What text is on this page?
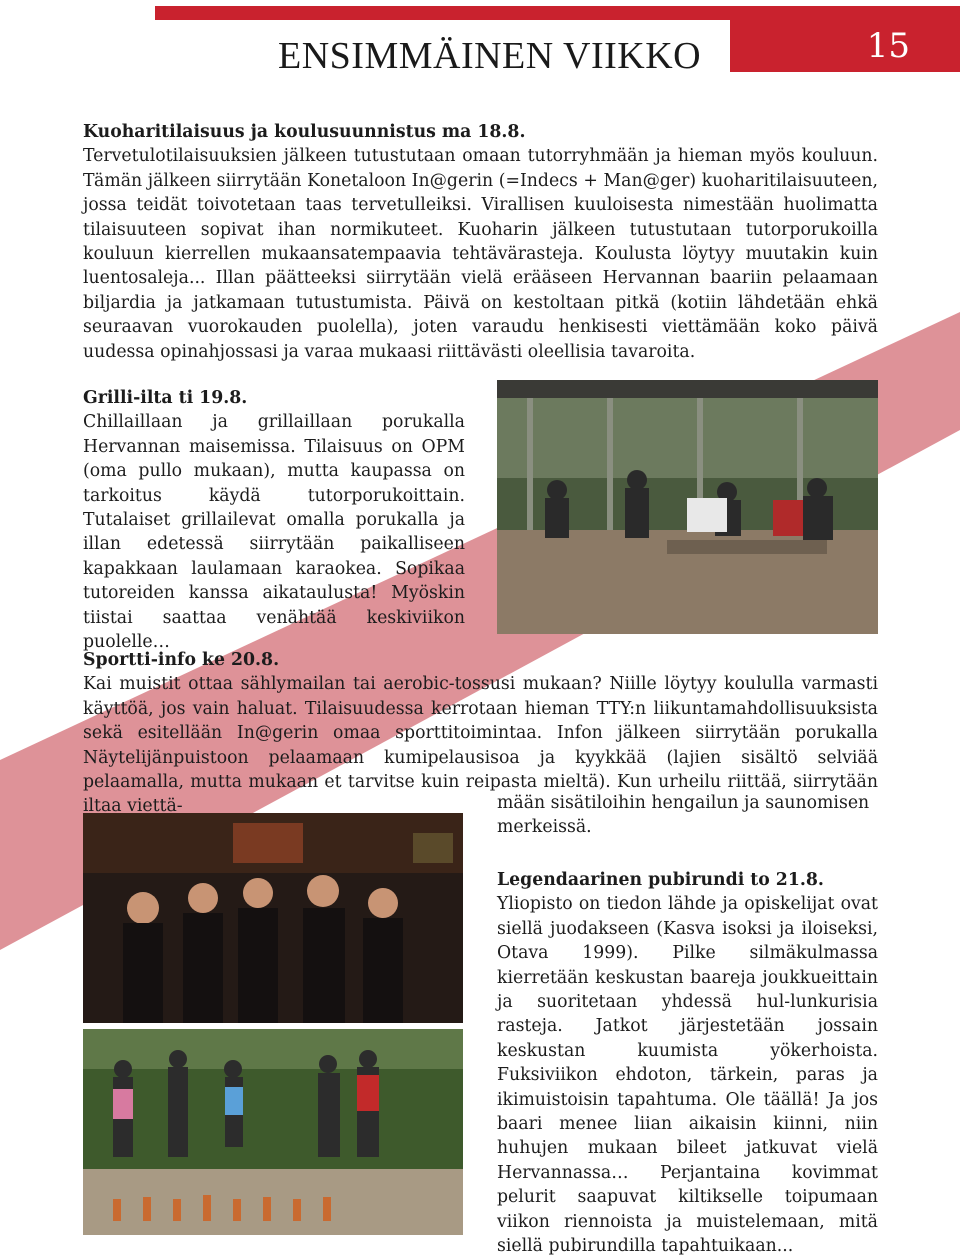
15
ENSIMMÄINEN VIIKKO
Kuoharitilaisuus ja koulusuunnistus ma 18.8.
Tervetulotilaisuuksien jälkeen tutustutaan omaan tutorryhmään ja hieman myös kouluun. Tämän jälkeen siirrytään Konetaloon In@gerin (=Indecs + Man@ger) kuoharitilaisuuteen, jossa teidät toivotetaan taas tervetulleiksi. Virallisen kuuloisesta nimestään huolimatta tilaisuuteen sopivat ihan normikuteet. Kuoharin jälkeen tutustutaan tutorporukoilla kouluun kierrellen mukaansatempaavia tehtävärasteja. Koulusta löytyy muutakin kuin luentosaleja... Illan päätteeksi siirrytään vielä erääseen Hervannan baariin pelaamaan biljardia ja jatkamaan tutustumista. Päivä on kestoltaan pitkä (kotiin lähdetään ehkä seuraavan vuorokauden puolella), joten varaudu henkisesti viettämään koko päivä uudessa opinahjossasi ja varaa mukaasi riittävästi oleellisia tavaroita.
Grilli-ilta ti 19.8.
Chillaillaan ja grillaillaan porukalla Hervannan maisemissa. Tilaisuus on OPM (oma pullo mukaan), mutta kaupassa on tarkoitus käydä tutorporukoittain. Tutalaiset grillailevat omalla porukalla ja illan edetessä siirrytään paikalliseen kapakkaan laulamaan karaokea. Sopikaa tutoreiden kanssa aikataulusta! Myöskin tiistai saattaa venähtää keskiviikon puolelle…
Sportti-info ke 20.8.
Kai muistit ottaa sählymailan tai aerobic-tossusi mukaan? Niille löytyy koululla varmasti käyttöä, jos vain haluat. Tilaisuudessa kerrotaan hieman TTY:n liikuntamahdollisuuksista sekä esitellään In@gerin omaa sporttitoimintaa. Infon jälkeen siirrytään porukalla Näytelijänpuistoon pelaamaan kumipelausisoa ja kyykkää (lajien sisältö selviää pelaamalla, mutta mukaan et tarvitse kuin reipasta mieltä). Kun urheilu riittää, siirrytään iltaa viettä-	mään sisätiloihin hengailun ja saunomisen merkeissä.
Legendaarinen pubirundi to 21.8.
Yliopisto on tiedon lähde ja opiskelijat ovat siellä juodakseen (Kasva isoksi ja iloiseksi, Otava 1999). Pilke silmäkulmassa kierretään keskustan baareja joukkueittain ja suoritetaan yhdessä hul-lunkurisia rasteja. Jatkot järjestetään jossain keskustan kuumista yökerhoista. Fuksiviikon ehdoton, tärkein, paras ja ikimuistoisin tapahtuma. Ole täällä! Ja jos baari menee liian aikaisin kiinni, niin huhujen mukaan bileet jatkuvat vielä Hervannassa… Perjantaina kovimmat pelurit saapuvat kiltikselle toipumaan viikon riennoista ja muistelemaan, mitä siellä pubirundilla tapahtuikaan...
